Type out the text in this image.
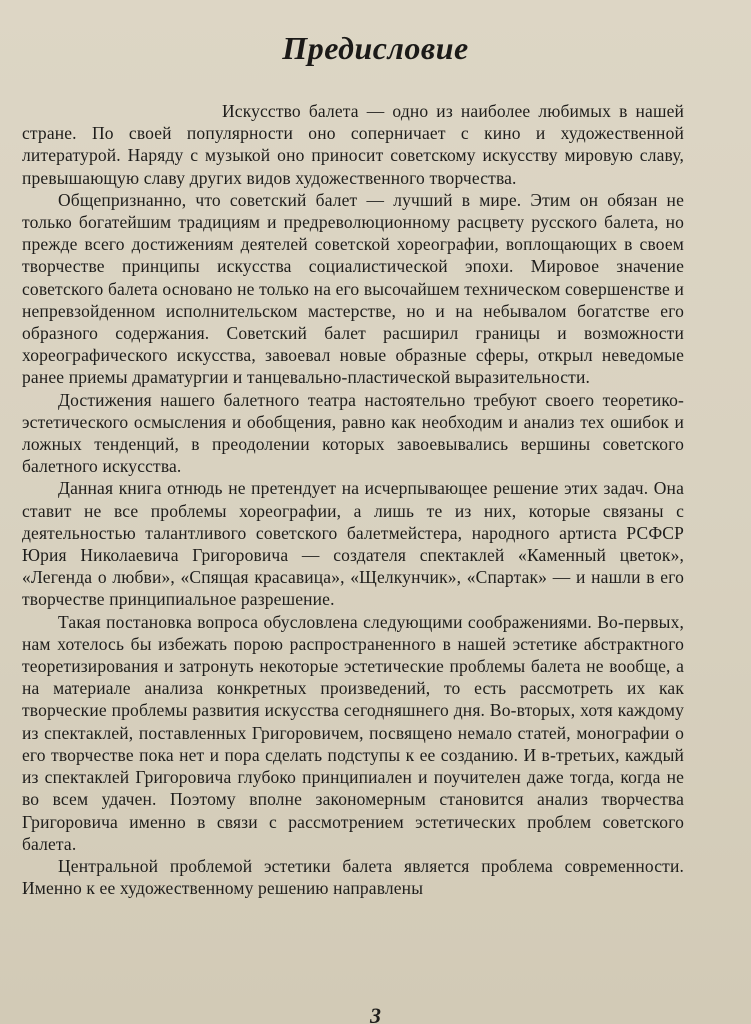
Предисловие

Искусство балета — одно из наиболее любимых в нашей стране. По своей популярности оно соперничает с кино и художественной литературой. Наряду с музыкой оно приносит советскому искусству мировую славу, превышающую славу других видов художественного творчества.

Общепризнанно, что советский балет — лучший в мире. Этим он обязан не только богатейшим традициям и предреволюционному расцвету русского балета, но прежде всего достижениям деятелей советской хореографии, воплощающих в своем творчестве принципы искусства социалистической эпохи. Мировое значение советского балета основано не только на его высочайшем техническом совершенстве и непревзойденном исполнительском мастерстве, но и на небывалом богатстве его образного содержания. Советский балет расширил границы и возможности хореографического искусства, завоевал новые образные сферы, открыл неведомые ранее приемы драматургии и танцевально-пластической выразительности.

Достижения нашего балетного театра настоятельно требуют своего теоретико-эстетического осмысления и обобщения, равно как необходим и анализ тех ошибок и ложных тенденций, в преодолении которых завоевывались вершины советского балетного искусства.

Данная книга отнюдь не претендует на исчерпывающее решение этих задач. Она ставит не все проблемы хореографии, а лишь те из них, которые связаны с деятельностью талантливого советского балетмейстера, народного артиста РСФСР Юрия Николаевича Григоровича — создателя спектаклей «Каменный цветок», «Легенда о любви», «Спящая красавица», «Щелкунчик», «Спартак» — и нашли в его творчестве принципиальное разрешение.

Такая постановка вопроса обусловлена следующими соображениями. Во-первых, нам хотелось бы избежать порою распространенного в нашей эстетике абстрактного теоретизирования и затронуть некоторые эстетические проблемы балета не вообще, а на материале анализа конкретных произведений, то есть рассмотреть их как творческие проблемы развития искусства сегодняшнего дня. Во-вторых, хотя каждому из спектаклей, поставленных Григоровичем, посвящено немало статей, монографии о его творчестве пока нет и пора сделать подступы к ее созданию. И в-третьих, каждый из спектаклей Григоровича глубоко принципиален и поучителен даже тогда, когда не во всем удачен. Поэтому вполне закономерным становится анализ творчества Григоровича именно в связи с рассмотрением эстетических проблем советского балета.

Центральной проблемой эстетики балета является проблема современности. Именно к ее художественному решению направлены

3
